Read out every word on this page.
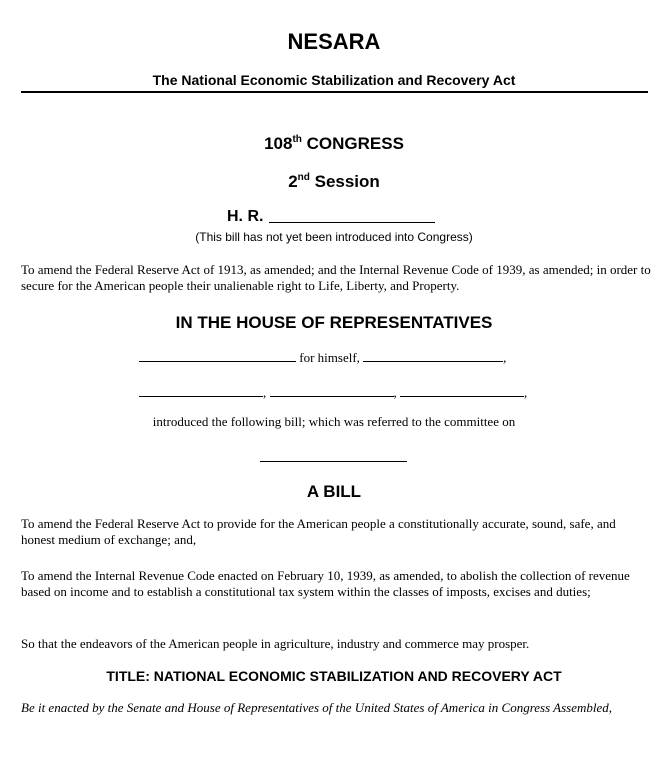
NESARA
The National Economic Stabilization and Recovery Act
108th CONGRESS
2nd Session
H. R.
(This bill has not yet been introduced into Congress)
To amend the Federal Reserve Act of 1913, as amended; and the Internal Revenue Code of 1939, as amended; in order to secure for the American people their unalienable right to Life, Liberty, and Property.
IN THE HOUSE OF REPRESENTATIVES
for himself,	,
,	,	,
introduced the following bill; which was referred to the committee on
A BILL
To amend the Federal Reserve Act to provide for the American people a constitutionally accurate, sound, safe, and honest medium of exchange; and,
To amend the Internal Revenue Code enacted on February 10, 1939, as amended, to abolish the collection of revenue based on income and to establish a constitutional tax system within the classes of imposts, excises and duties;
So that the endeavors of the American people in agriculture, industry and commerce may prosper.
TITLE: NATIONAL ECONOMIC STABILIZATION AND RECOVERY ACT
Be it enacted by the Senate and House of Representatives of the United States of America in Congress Assembled,
